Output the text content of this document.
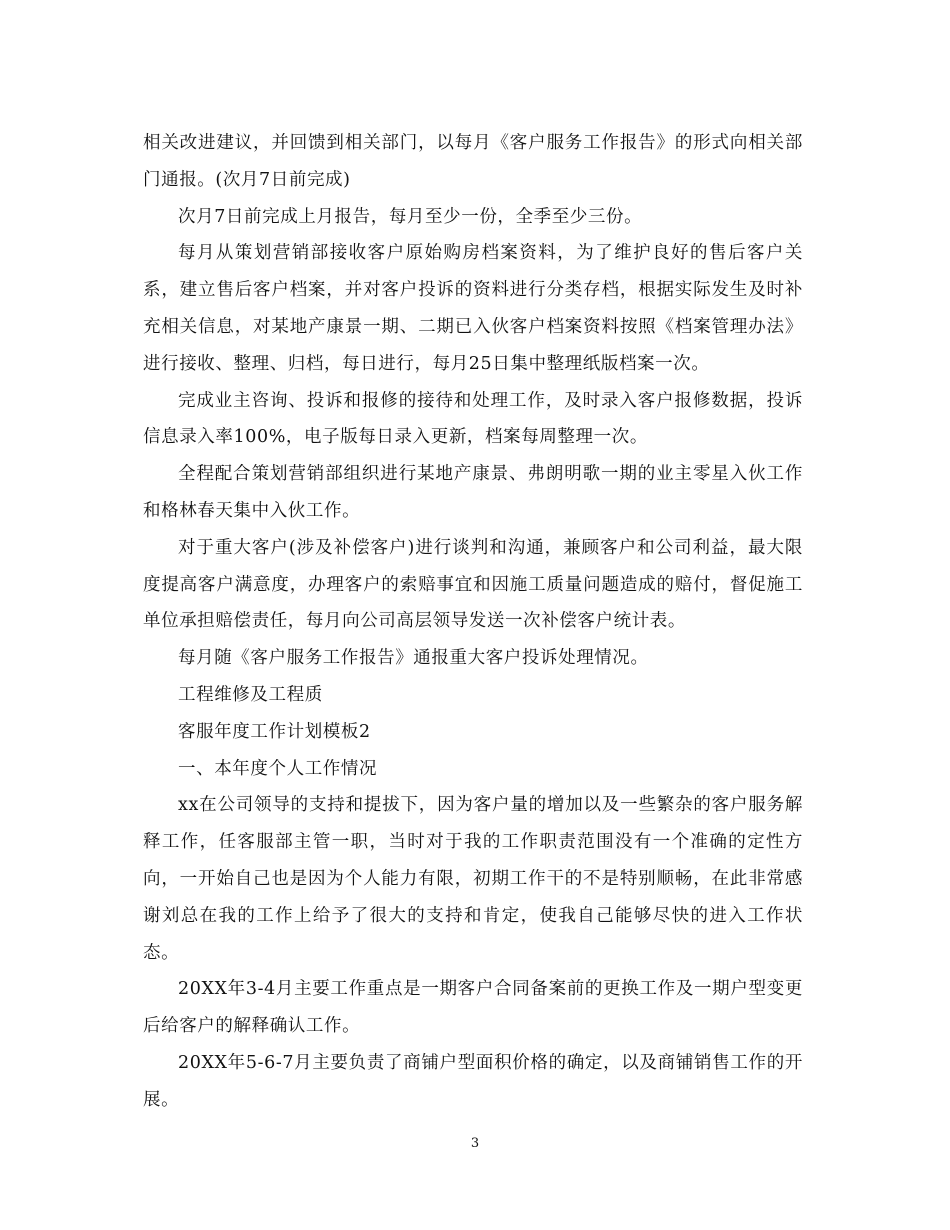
相关改进建议，并回馈到相关部门，以每月《客户服务工作报告》的形式向相关部门通报。(次月7日前完成)

次月7日前完成上月报告，每月至少一份，全季至少三份。

每月从策划营销部接收客户原始购房档案资料，为了维护良好的售后客户关系，建立售后客户档案，并对客户投诉的资料进行分类存档，根据实际发生及时补充相关信息，对某地产康景一期、二期已入伙客户档案资料按照《档案管理办法》进行接收、整理、归档，每日进行，每月25日集中整理纸版档案一次。

完成业主咨询、投诉和报修的接待和处理工作，及时录入客户报修数据，投诉信息录入率100%，电子版每日录入更新，档案每周整理一次。

全程配合策划营销部组织进行某地产康景、弗朗明歌一期的业主零星入伙工作和格林春天集中入伙工作。

对于重大客户(涉及补偿客户)进行谈判和沟通，兼顾客户和公司利益，最大限度提高客户满意度，办理客户的索赔事宜和因施工质量问题造成的赔付，督促施工单位承担赔偿责任，每月向公司高层领导发送一次补偿客户统计表。

每月随《客户服务工作报告》通报重大客户投诉处理情况。

工程维修及工程质

客服年度工作计划模板2

一、本年度个人工作情况

xx在公司领导的支持和提拔下，因为客户量的增加以及一些繁杂的客户服务解释工作，任客服部主管一职，当时对于我的工作职责范围没有一个准确的定性方向，一开始自己也是因为个人能力有限，初期工作干的不是特别顺畅，在此非常感谢刘总在我的工作上给予了很大的支持和肯定，使我自己能够尽快的进入工作状态。

20XX年3-4月主要工作重点是一期客户合同备案前的更换工作及一期户型变更后给客户的解释确认工作。

20XX年5-6-7月主要负责了商铺户型面积价格的确定，以及商铺销售工作的开展。

3
